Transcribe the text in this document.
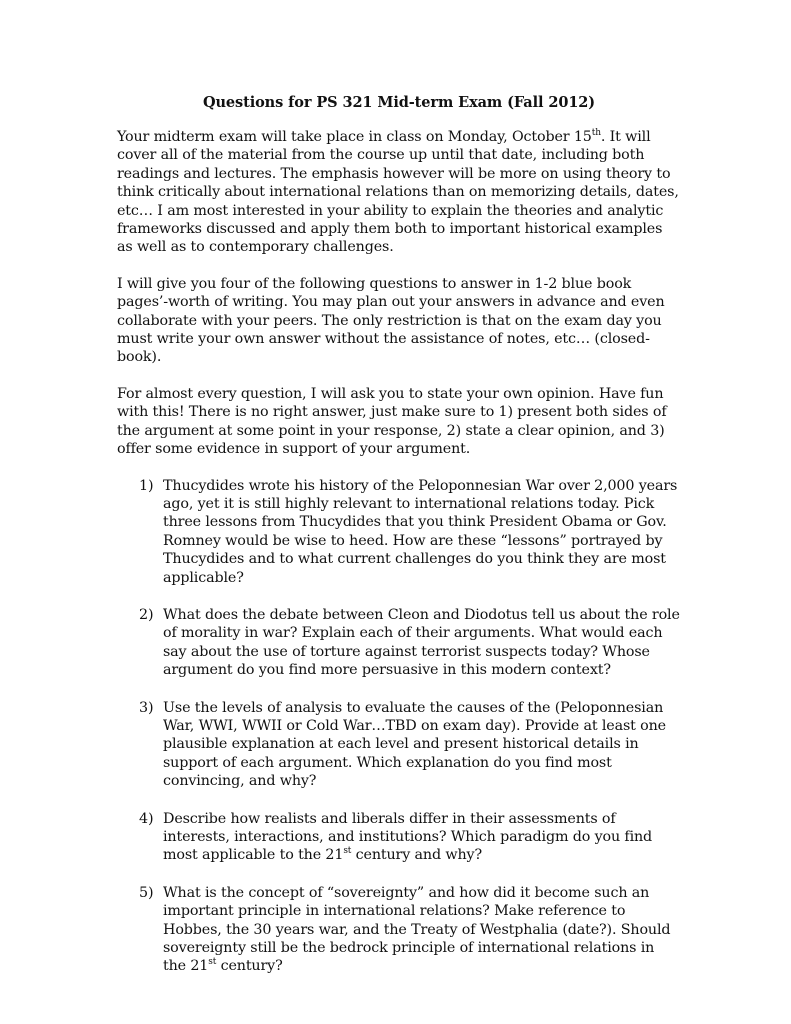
Questions for PS 321 Mid-term Exam (Fall 2012)

Your midterm exam will take place in class on Monday, October 15th. It will cover all of the material from the course up until that date, including both readings and lectures. The emphasis however will be more on using theory to think critically about international relations than on memorizing details, dates, etc… I am most interested in your ability to explain the theories and analytic frameworks discussed and apply them both to important historical examples as well as to contemporary challenges.

I will give you four of the following questions to answer in 1-2 blue book pages’-worth of writing. You may plan out your answers in advance and even collaborate with your peers. The only restriction is that on the exam day you must write your own answer without the assistance of notes, etc… (closed-book).

For almost every question, I will ask you to state your own opinion. Have fun with this! There is no right answer, just make sure to 1) present both sides of the argument at some point in your response, 2) state a clear opinion, and 3) offer some evidence in support of your argument.

1) Thucydides wrote his history of the Peloponnesian War over 2,000 years ago, yet it is still highly relevant to international relations today. Pick three lessons from Thucydides that you think President Obama or Gov. Romney would be wise to heed. How are these “lessons” portrayed by Thucydides and to what current challenges do you think they are most applicable?
2) What does the debate between Cleon and Diodotus tell us about the role of morality in war? Explain each of their arguments. What would each say about the use of torture against terrorist suspects today? Whose argument do you find more persuasive in this modern context?
3) Use the levels of analysis to evaluate the causes of the (Peloponnesian War, WWI, WWII or Cold War…TBD on exam day). Provide at least one plausible explanation at each level and present historical details in support of each argument. Which explanation do you find most convincing, and why?
4) Describe how realists and liberals differ in their assessments of interests, interactions, and institutions? Which paradigm do you find most applicable to the 21st century and why?
5) What is the concept of “sovereignty” and how did it become such an important principle in international relations? Make reference to Hobbes, the 30 years war, and the Treaty of Westphalia (date?). Should sovereignty still be the bedrock principle of international relations in the 21st century?
